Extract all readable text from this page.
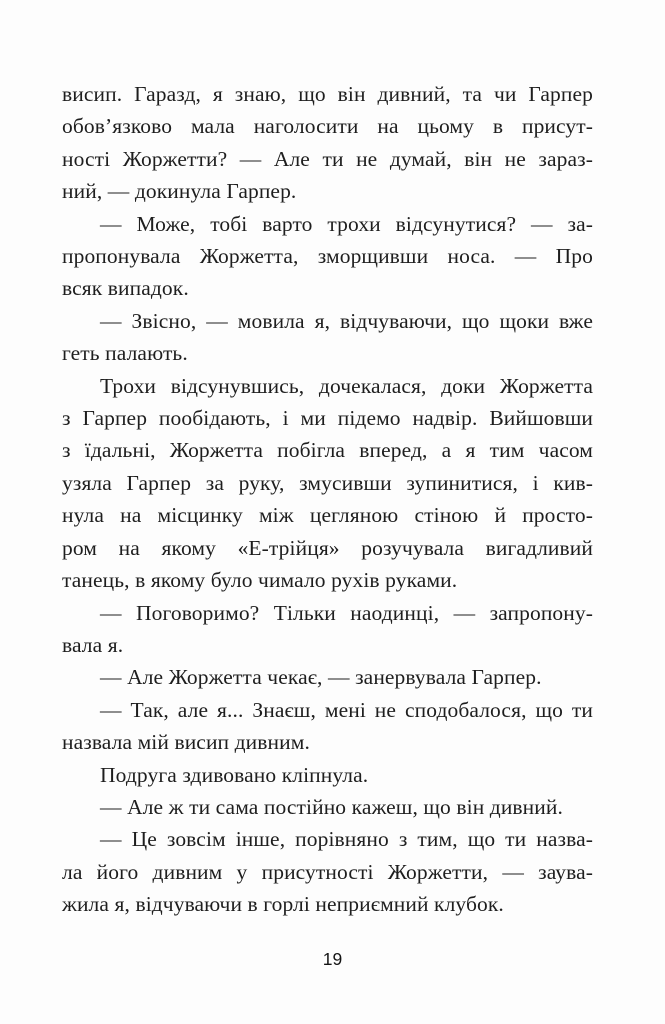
висип. Гаразд, я знаю, що він дивний, та чи Гарпер
обов’язково мала наголосити на цьому в присут-
ності Жоржетти? — Але ти не думай, він не зараз-
ний, — докинула Гарпер.
— Може, тобі варто трохи відсунутися? — за-
пропонувала Жоржетта, зморщивши носа. — Про
всяк випадок.
— Звісно, — мовила я, відчуваючи, що щоки вже
геть палають.
Трохи відсунувшись, дочекалася, доки Жоржетта
з Гарпер пообідають, і ми підемо надвір. Вийшовши
з їдальні, Жоржетта побігла вперед, а я тим часом
узяла Гарпер за руку, змусивши зупинитися, і кив-
нула на місцинку між цегляною стіною й просто-
ром на якому «Е-трійця» розучувала вигадливий
танець, в якому було чимало рухів руками.
— Поговоримо? Тільки наодинці, — запропону-
вала я.
— Але Жоржетта чекає, — занервувала Гарпер.
— Так, але я... Знаєш, мені не сподобалося, що ти
назвала мій висип дивним.
Подруга здивовано кліпнула.
— Але ж ти сама постійно кажеш, що він дивний.
— Це зовсім інше, порівняно з тим, що ти назва-
ла його дивним у присутності Жоржетти, — заува-
жила я, відчуваючи в горлі неприємний клубок.
19
